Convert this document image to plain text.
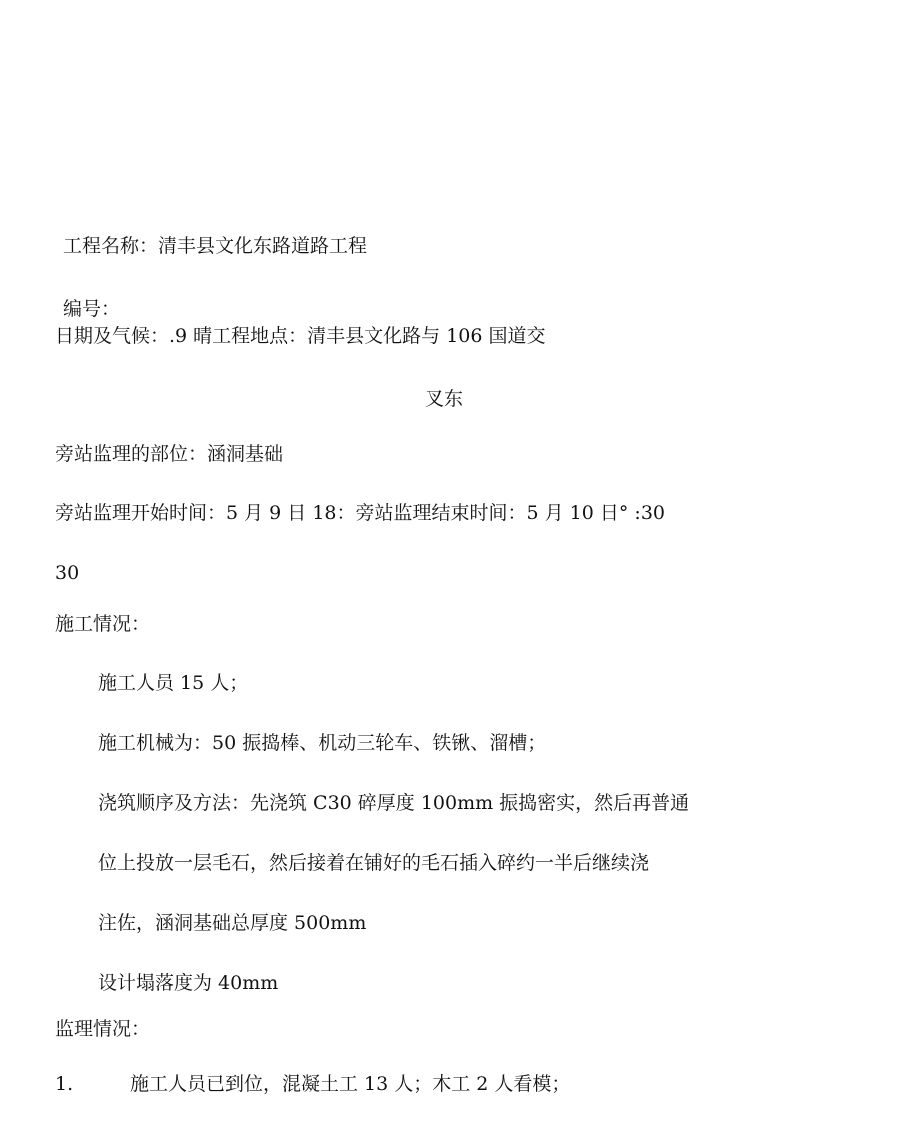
工程名称：清丰县文化东路道路工程
编号：
日期及气候：.9 晴工程地点：清丰县文化路与 106 国道交
叉东
旁站监理的部位：涵洞基础
旁站监理开始时间：5 月 9 日 18：旁站监理结束时间：5 月 10 日° :30
30
施工情况：
施工人员 15 人；
施工机械为：50 振捣棒、机动三轮车、铁锹、溜槽；
浇筑顺序及方法：先浇筑 C30 碎厚度 100mm 振捣密实，然后再普通
位上投放一层毛石，然后接着在铺好的毛石插入碎约一半后继续浇
注佐，涵洞基础总厚度 500mm
设计塌落度为 40mm
监理情况：
1.	施工人员已到位，混凝土工 13 人；木工 2 人看模；
